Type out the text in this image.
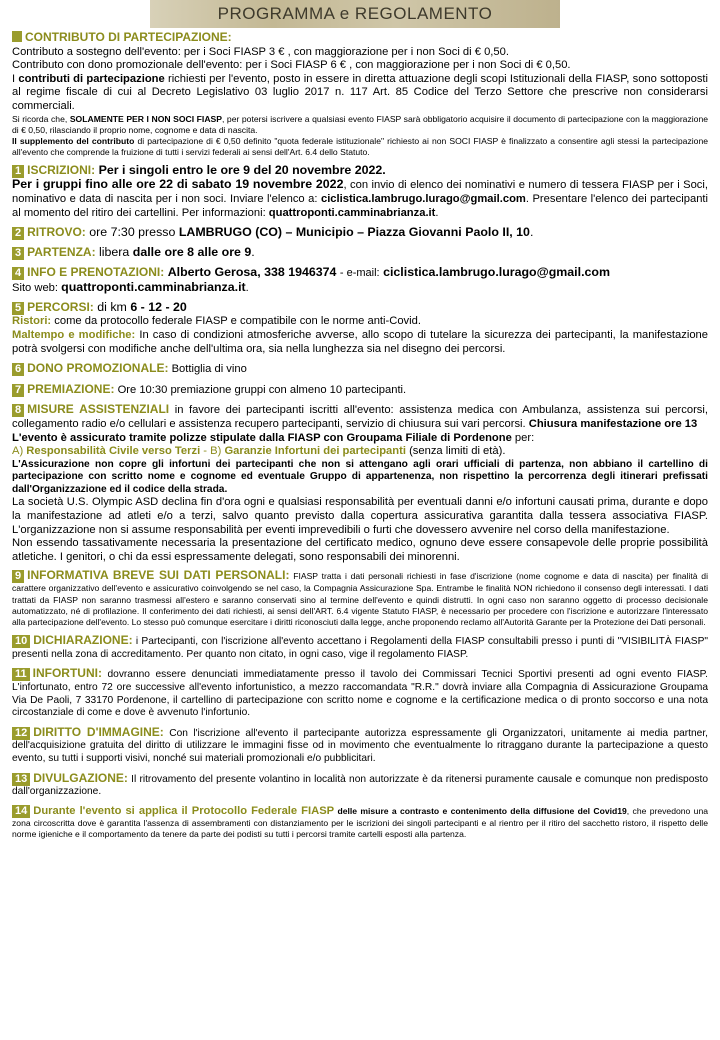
PROGRAMMA e REGOLAMENTO

CONTRIBUTO DI PARTECIPAZIONE:

Contributo a sostegno dell'evento: per i Soci FIASP 3 € , con maggiorazione per i non Soci di € 0,50.

Contributo con dono promozionale dell'evento: per i Soci FIASP 6 € , con maggiorazione per i non Soci di € 0,50.

I contributi di partecipazione richiesti per l'evento, posto in essere in diretta attuazione degli scopi Istituzionali della FIASP, sono sottoposti al regime fiscale di cui al Decreto Legislativo 03 luglio 2017 n. 117 Art. 85 Codice del Terzo Settore che prescrive non considerarsi commerciali.

Si ricorda che, SOLAMENTE PER I NON SOCI FIASP, per potersi iscrivere a qualsiasi evento FIASP sarà obbligatorio acquisire il documento di partecipazione con la maggiorazione di € 0,50, rilasciando il proprio nome, cognome e data di nascita.

Il supplemento del contributo di partecipazione di € 0,50 definito "quota federale istituzionale" richiesto ai non SOCI FIASP è finalizzato a consentire agli stessi la partecipazione all'evento che comprende la fruizione di tutti i servizi federali ai sensi dell'Art. 6.4 dello Statuto.

1 ISCRIZIONI: Per i singoli entro le ore 9 del 20 novembre 2022.

Per i gruppi fino alle ore 22 di sabato 19 novembre 2022, con invio di elenco dei nominativi e numero di tessera FIASP per i Soci, nominativo e data di nascita per i non soci. Inviare l'elenco a: ciclistica.lambrugo.lurago@gmail.com. Presentare l'elenco dei partecipanti al momento del ritiro dei cartellini. Per informazioni: quattroponti.camminabrianza.it.

2 RITROVO: ore 7:30 presso LAMBRUGO (CO) – Municipio – Piazza Giovanni Paolo II, 10.

3 PARTENZA: libera dalle ore 8 alle ore 9.

4 INFO E PRENOTAZIONI: Alberto Gerosa, 338 1946374 - e-mail: ciclistica.lambrugo.lurago@gmail.com

Sito web: quattroponti.camminabrianza.it.

5 PERCORSI: di km 6 - 12 - 20

Ristori: come da protocollo federale FIASP e compatibile con le norme anti-Covid.

Maltempo e modifiche: In caso di condizioni atmosferiche avverse, allo scopo di tutelare la sicurezza dei partecipanti, la manifestazione potrà svolgersi con modifiche anche dell'ultima ora, sia nella lunghezza sia nel disegno dei percorsi.

6 DONO PROMOZIONALE: Bottiglia di vino

7 PREMIAZIONE: Ore 10:30 premiazione gruppi con almeno 10 partecipanti.

8 MISURE ASSISTENZIALI in favore dei partecipanti iscritti all'evento: assistenza medica con Ambulanza, assistenza sui percorsi, collegamento radio e/o cellulari e assistenza recupero partecipanti, servizio di chiusura sui vari percorsi. Chiusura manifestazione ore 13

L'evento è assicurato tramite polizze stipulate dalla FIASP con Groupama Filiale di Pordenone per:

A) Responsabilità Civile verso Terzi - B) Garanzie Infortuni dei partecipanti (senza limiti di età).

L'Assicurazione non copre gli infortuni dei partecipanti che non si attengano agli orari ufficiali di partenza, non abbiano il cartellino di partecipazione con scritto nome e cognome ed eventuale Gruppo di appartenenza, non rispettino la percorrenza degli itinerari prefissati dall'Organizzazione ed il codice della strada.

La società U.S. Olympic ASD declina fin d'ora ogni e qualsiasi responsabilità per eventuali danni e/o infortuni causati prima, durante e dopo la manifestazione ad atleti e/o a terzi, salvo quanto previsto dalla copertura assicurativa garantita dalla tessera associativa FIASP. L'organizzazione non si assume responsabilità per eventi imprevedibili o furti che dovessero avvenire nel corso della manifestazione.

Non essendo tassativamente necessaria la presentazione del certificato medico, ognuno deve essere consapevole delle proprie possibilità atletiche. I genitori, o chi da essi espressamente delegati, sono responsabili dei minorenni.

9 INFORMATIVA BREVE SUI DATI PERSONALI: FIASP tratta i dati personali richiesti in fase d'iscrizione (nome cognome e data di nascita) per finalità di carattere organizzativo dell'evento e assicurativo coinvolgendo se nel caso, la Compagnia Assicurazione Spa. Entrambe le finalità NON richiedono il consenso degli interessati. I dati trattati da FIASP non saranno trasmessi all'estero e saranno conservati sino al termine dell'evento e quindi distrutti. In ogni caso non saranno oggetto di processo decisionale automatizzato, né di profilazione. Il conferimento dei dati richiesti, ai sensi dell'ART. 6.4 vigente Statuto FIASP, è necessario per procedere con l'iscrizione e autorizzare l'interessato alla partecipazione dell'evento. Lo stesso può comunque esercitare i diritti riconosciuti dalla legge, anche proponendo reclamo all'Autorità Garante per la Protezione dei Dati personali.

10 DICHIARAZIONE: i Partecipanti, con l'iscrizione all'evento accettano i Regolamenti della FIASP consultabili presso i punti di "VISIBILITÀ FIASP" presenti nella zona di accreditamento. Per quanto non citato, in ogni caso, vige il regolamento FIASP.

11 INFORTUNI: dovranno essere denunciati immediatamente presso il tavolo dei Commissari Tecnici Sportivi presenti ad ogni evento FIASP. L'infortunato, entro 72 ore successive all'evento infortunistico, a mezzo raccomandata "R.R." dovrà inviare alla Compagnia di Assicurazione Groupama Via De Paoli, 7 33170 Pordenone, il cartellino di partecipazione con scritto nome e cognome e la certificazione medica o di pronto soccorso e una nota circostanziale di come e dove è avvenuto l'infortunio.

12 DIRITTO D'IMMAGINE: Con l'iscrizione all'evento il partecipante autorizza espressamente gli Organizzatori, unitamente ai media partner, dell'acquisizione gratuita del diritto di utilizzare le immagini fisse od in movimento che eventualmente lo ritraggano durante la partecipazione a questo evento, su tutti i supporti visivi, nonché sui materiali promozionali e/o pubblicitari.

13 DIVULGAZIONE: Il ritrovamento del presente volantino in località non autorizzate è da ritenersi puramente causale e comunque non predisposto dall'organizzazione.

14 Durante l'evento si applica il Protocollo Federale FIASP delle misure a contrasto e contenimento della diffusione del Covid19, che prevedono una zona circoscritta dove è garantita l'assenza di assembramenti con distanziamento per le iscrizioni dei singoli partecipanti e al rientro per il ritiro del sacchetto ristoro, il rispetto delle norme igieniche e il comportamento da tenere da parte dei podisti su tutti i percorsi tramite cartelli esposti alla partenza.
